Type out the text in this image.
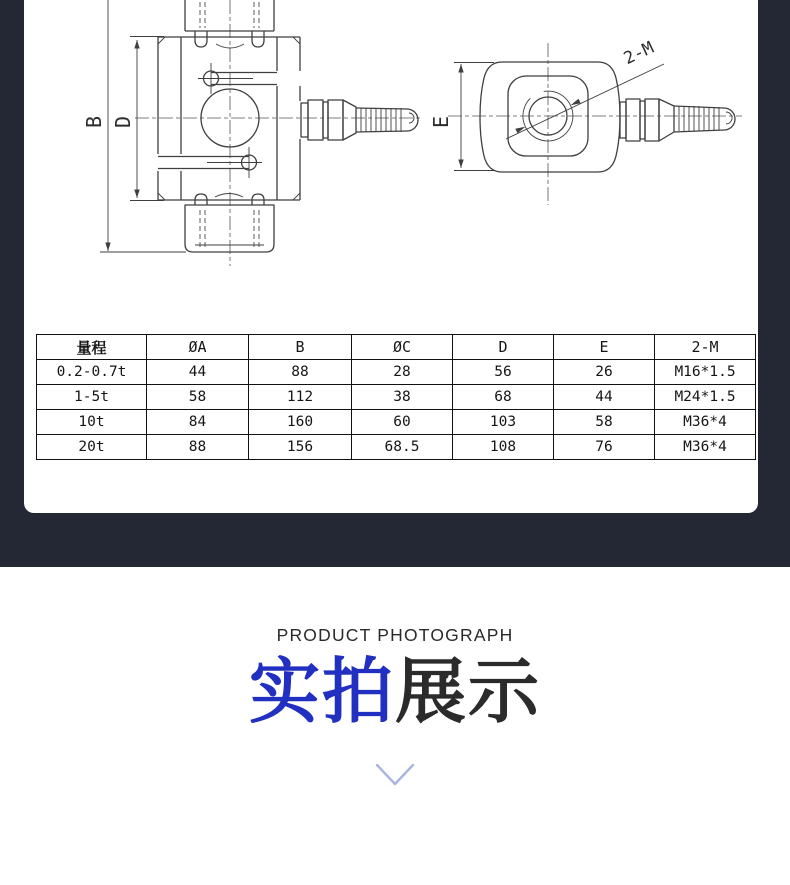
B D	E
2-M
量程	ØA	B	ØC	D	E	2-M
0.2-0.7t	44	88	28	56	26	M16*1.5
1-5t	58	112	38	68	44	M24*1.5
10t	84	160	60	103	58	M36*4
20t	88	156	68.5	108	76	M36*4
PRODUCT PHOTOGRAPH
实拍展示
